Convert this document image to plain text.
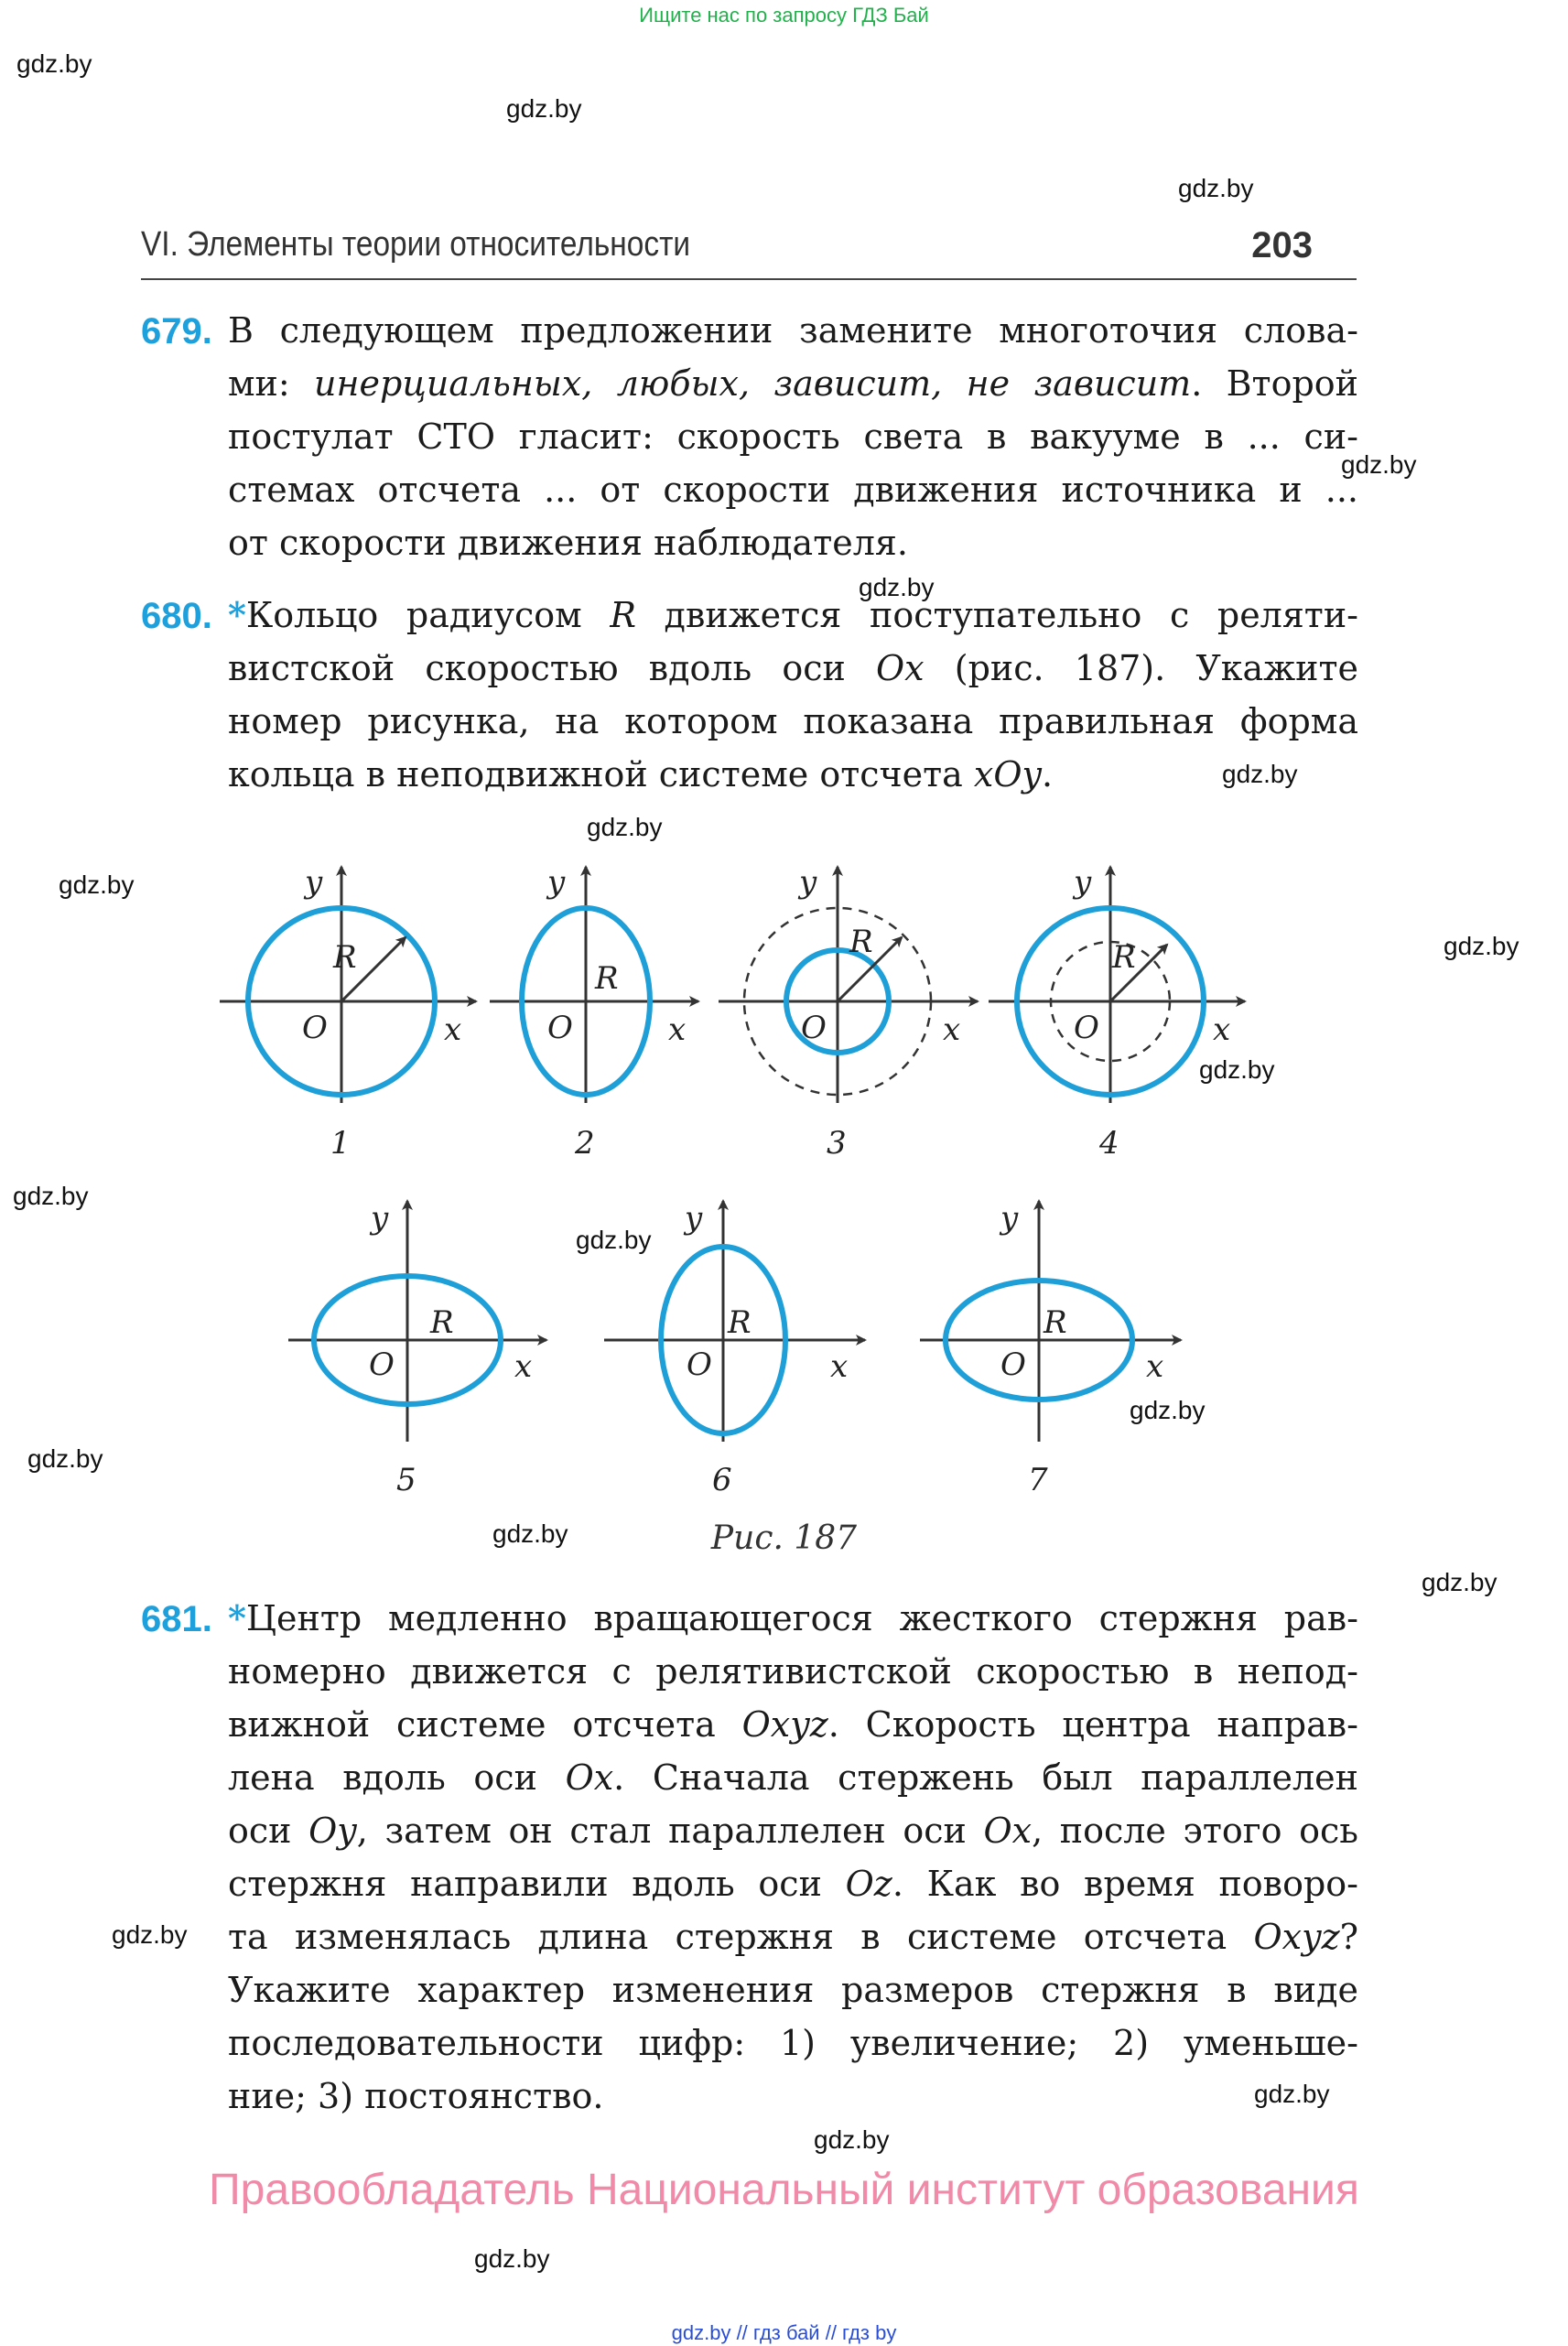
Ищите нас по запросу ГДЗ Бай
gdz.by
gdz.by
gdz.by
gdz.by
gdz.by
gdz.by
gdz.by
gdz.by
gdz.by
gdz.by
gdz.by
gdz.by
gdz.by
gdz.by
gdz.by
gdz.by
gdz.by
gdz.by
gdz.by
gdz.by
VI. Элементы теории относительности	203
679. В следующем предложении замените многоточия слова-
ми: инерциальных, любых, зависит, не зависит. Второй
постулат СТО гласит: скорость света в вакууме в ... си-
стемах отсчета ... от скорости движения источника и ...
от скорости движения наблюдателя.
680. *Кольцо радиусом R движется поступательно с реляти-
вистской скоростью вдоль оси Ox (рис. 187). Укажите
номер рисунка, на котором показана правильная форма
кольца в неподвижной системе отсчета xOy.
O	x
y
R
1
O	x
y
R
2
O	x
y
R
3
O	x
y
R
4
O	x
y
R
5
O	x
y
R
6
O	x
y
R
7
Рис. 187
681. *Центр медленно вращающегося жесткого стержня рав-
номерно движется с релятивистской скоростью в непод-
вижной системе отсчета Oxyz. Скорость центра направ-
лена вдоль оси Ox. Сначала стержень был параллелен
оси Oy, затем он стал параллелен оси Ox, после этого ось
стержня направили вдоль оси Oz. Как во время поворо-
та изменялась длина стержня в системе отсчета Oxyz?
Укажите характер изменения размеров стержня в виде
последовательности цифр: 1) увеличение; 2) уменьше-
ние; 3) постоянство.
Правообладатель Национальный институт образования
gdz.by // гдз бай // гдз by
